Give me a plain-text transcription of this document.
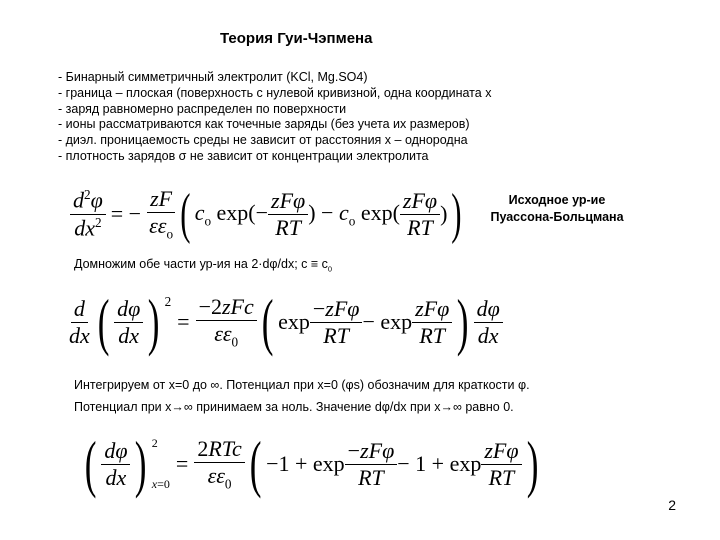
Теория Гуи-Чэпмена
- Бинарный симметричный электролит (KCl, Mg.SO4)
- граница – плоская (поверхность с нулевой кривизной, одна координата x
- заряд равномерно распределен по поверхности
- ионы рассматриваются как точечные заряды (без учета их размеров)
- диэл. проницаемость среды не зависит от расстояния x – однородна
- плотность зарядов σ не зависит от концентрации электролита
$\frac{d^2\varphi}{dx^2}$ = − $\frac{zF}{\varepsilon\varepsilon_o}$ ( $c_o$ $\exp(- \frac{\text{zFφ}}{RT}$ ) − $c_o$ $\exp( \frac{\text{zFφ}}{RT}$ ) )	Исходное ур-ие
Пуассона-Больцмана
Домножим обе части ур-ия на 2·dφ/dx; $c \equiv c_0$
$\frac{d}{dx}$ ( $\frac{d\varphi}{dx}$ ) $^2$
= $\frac{\text{−2zFc}}{\varepsilon\varepsilon_0}$ ( $\exp \frac{\text{−zFφ}}{RT} - \exp \frac{\text{zFφ}}{RT}$ ) $\frac{d\varphi}{dx}$
Интегрируем от x=0 до ∞. Потенциал при x=0 (φs) обозначим для краткости φ.
Потенциал при x→∞ принимаем за ноль. Значение dφ/dx при x→∞ равно 0.
( $\frac{d\varphi}{dx}$ ) 2
x=0
= $\frac{\text{2RTc}}{\varepsilon\varepsilon_0}$ ( $-1 + \exp \frac{\text{−zFφ}}{RT} - 1 + \exp \frac{\text{zFφ}}{RT}$ )
2
